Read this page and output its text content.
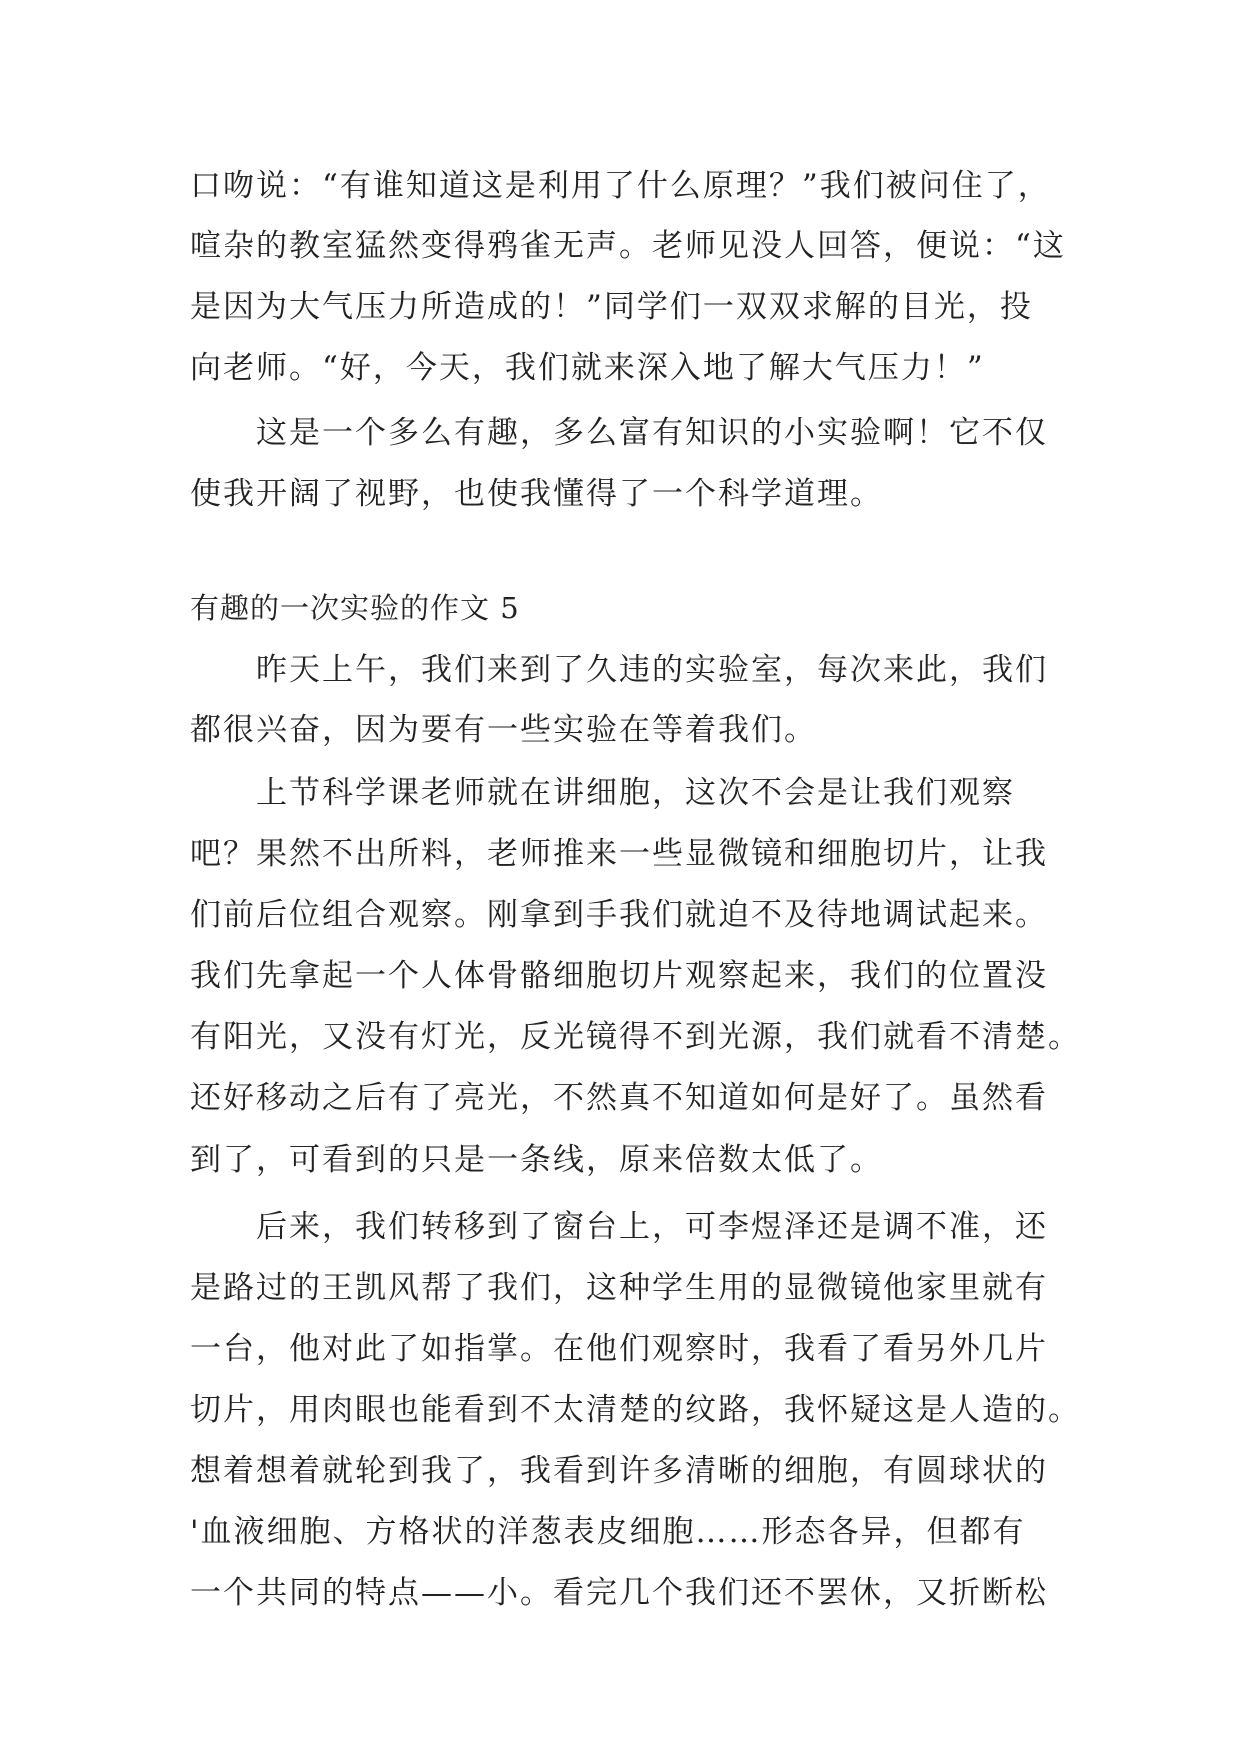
口吻说：“有谁知道这是利用了什么原理？”我们被问住了，
喧杂的教室猛然变得鸦雀无声。老师见没人回答，便说：“这
是因为大气压力所造成的！”同学们一双双求解的目光，投
向老师。“好，今天，我们就来深入地了解大气压力！”
　　这是一个多么有趣，多么富有知识的小实验啊！它不仅
使我开阔了视野，也使我懂得了一个科学道理。
有趣的一次实验的作文 5
　　昨天上午，我们来到了久违的实验室，每次来此，我们
都很兴奋，因为要有一些实验在等着我们。
　　上节科学课老师就在讲细胞，这次不会是让我们观察
吧？果然不出所料，老师推来一些显微镜和细胞切片，让我
们前后位组合观察。刚拿到手我们就迫不及待地调试起来。
我们先拿起一个人体骨骼细胞切片观察起来，我们的位置没
有阳光，又没有灯光，反光镜得不到光源，我们就看不清楚。
还好移动之后有了亮光，不然真不知道如何是好了。虽然看
到了，可看到的只是一条线，原来倍数太低了。
　　后来，我们转移到了窗台上，可李煜泽还是调不准，还
是路过的王凯风帮了我们，这种学生用的显微镜他家里就有
一台，他对此了如指掌。在他们观察时，我看了看另外几片
切片，用肉眼也能看到不太清楚的纹路，我怀疑这是人造的。
想着想着就轮到我了，我看到许多清晰的细胞，有圆球状的
'血液细胞、方格状的洋葱表皮细胞……形态各异，但都有
一个共同的特点——小。看完几个我们还不罢休，又折断松
